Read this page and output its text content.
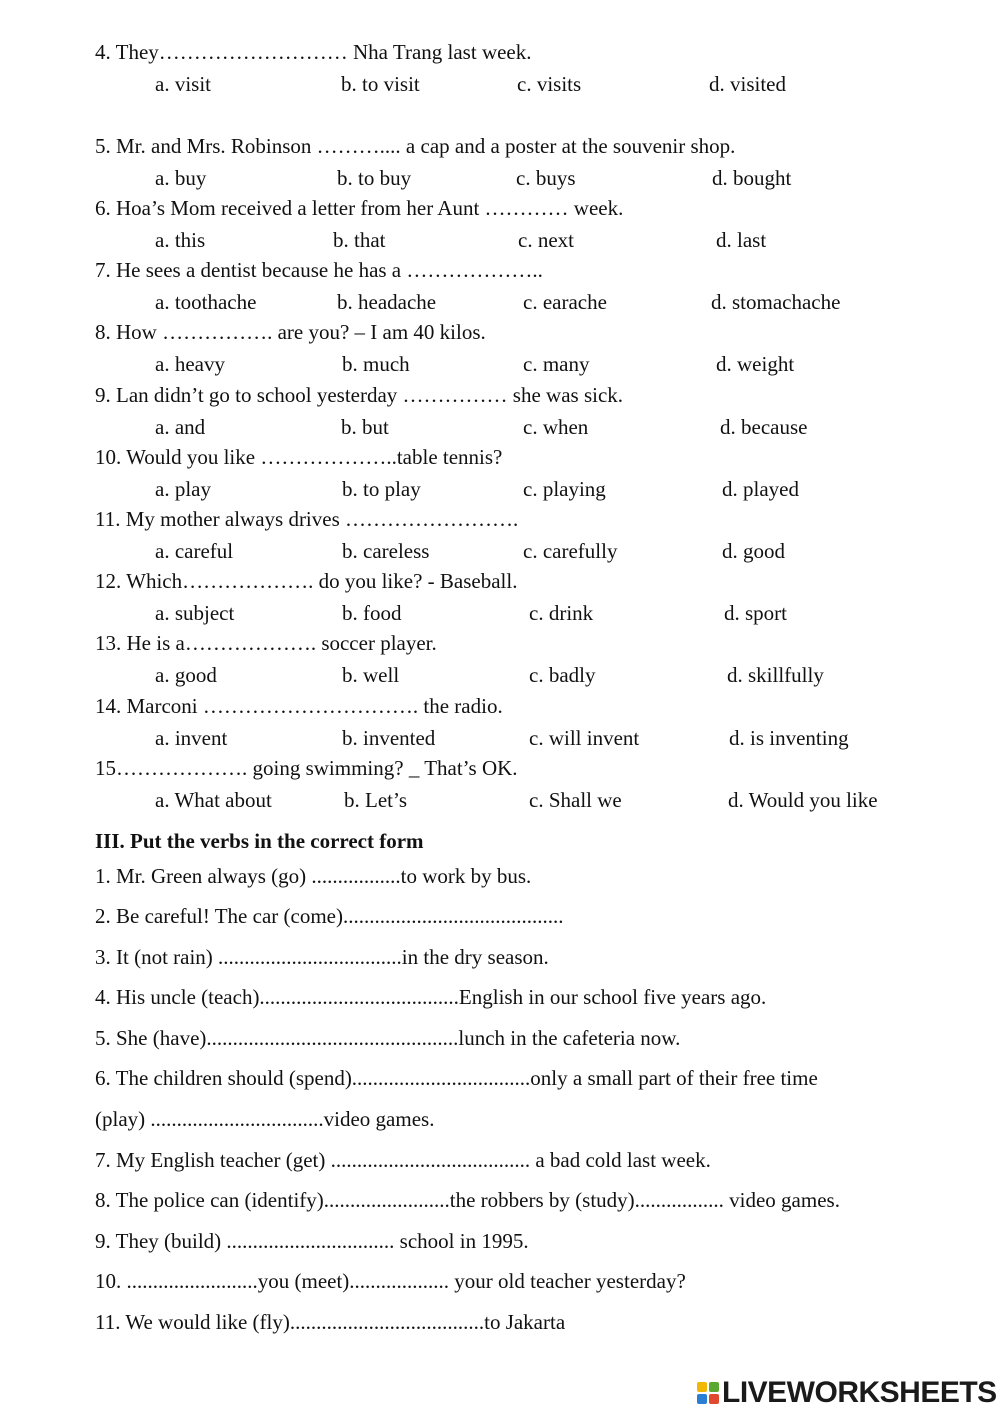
4. They……………………… Nha Trang last week.
a. visit	b. to visit	c. visits	d. visited
5. Mr. and Mrs. Robinson ……….... a cap and a poster at the souvenir shop.
a. buy	b. to buy	c. buys	d. bought
6. Hoa’s Mom received a letter from her Aunt ………… week.
a. this	b. that	c. next	d. last
7. He sees a dentist because he has a ………………..
a. toothache	b. headache	c. earache	d. stomachache
8. How ……………. are you? – I am 40 kilos.
a. heavy	b. much	c. many	d. weight
9. Lan didn’t go to school yesterday …………… she was sick.
a. and	b. but	c. when	d. because
10. Would you like ………………..table tennis?
a. play	b. to play	c. playing	d. played
11. My mother always drives …………………….
a. careful	b. careless	c. carefully	d. good
12. Which………………. do you like? - Baseball.
a. subject	b. food	c. drink	d. sport
13. He is a………………. soccer player.
a. good	b. well	c. badly	d. skillfully
14. Marconi …………………………. the radio.
a. invent	b. invented	c. will invent	d. is inventing
15………………. going swimming? _ That’s OK.
a. What about	b. Let’s	c. Shall we	d. Would you like
III. Put the verbs in the correct form
1. Mr. Green always (go) .................to work by bus.
2. Be careful! The car (come)..........................................
3. It (not rain) ...................................in the dry season.
4. His uncle (teach)......................................English in our school five years ago.
5. She (have)................................................lunch in the cafeteria now.
6. The children should (spend)..................................only a small part of their free time
(play) .................................video games.
7. My English teacher (get) ...................................... a bad cold last week.
8. The police can (identify)........................the robbers by (study)................. video games.
9. They (build) ................................ school in 1995.
10. .........................you (meet)................... your old teacher yesterday?
11. We would like (fly).....................................to Jakarta
LIVEWORKSHEETS
